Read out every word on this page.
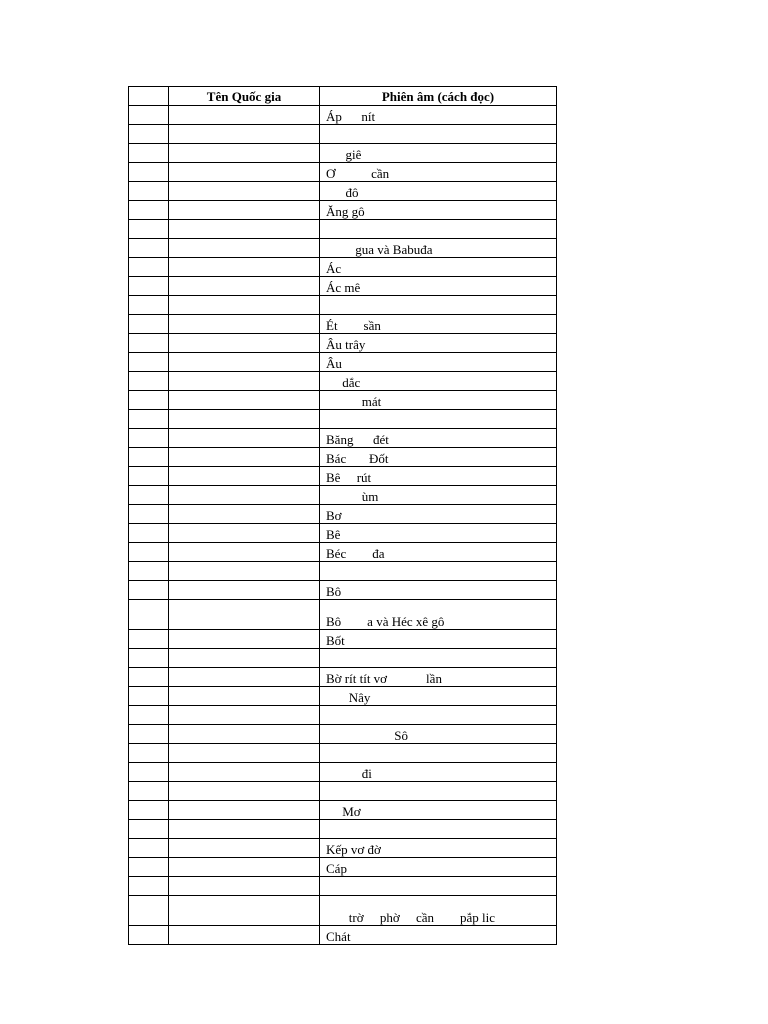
	Tên Quốc gia	Phiên âm (cách đọc)
		Áp      nít

		giê
		Ơ           cần
		đô
		Ăng gô

		gua và Babuđa
		Ác
		Ác mê

		Ét        sần
		Âu trây
		Âu
		dắc
		mát

		Băng      đét
		Bác       Đốt
		Bê     rút
		ùm
		Bơ
		Bê
		Béc        đa

		Bô
		Bô        a và Héc xê gô
		Bốt

		Bờ rít tít vơ            lần
		Nây

		Sô

		đi

		Mơ

		Kếp vơ đờ
		Cáp

		trờ     phờ     cần        pắp lic
		Chát
